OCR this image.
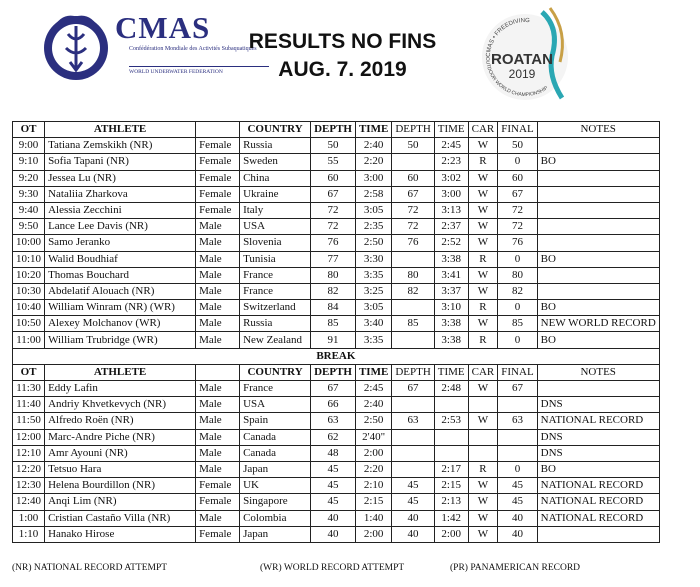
CMAS
Confédération Mondiale des Activités Subaquatiques
WORLD UNDERWATER FEDERATION
RESULTS NO FINS
AUG. 7. 2019
CMAS • FREEDIVING
OUTDOOR WORLD CHAMPIONSHIP
ROATAN
2019
OT	ATHLETE		COUNTRY	DEPTH	TIME	DEPTH	TIME	CAR	FINAL	NOTES
9:00	Tatiana Zemskikh (NR)	Female	Russia	50	2:40	50	2:45	W	50	
9:10	Sofia Tapani (NR)	Female	Sweden	55	2:20		2:23	R	0	BO
9:20	Jessea Lu (NR)	Female	China	60	3:00	60	3:02	W	60	
9:30	Nataliia Zharkova	Female	Ukraine	67	2:58	67	3:00	W	67	
9:40	Alessia Zecchini	Female	Italy	72	3:05	72	3:13	W	72	
9:50	Lance Lee Davis (NR)	Male	USA	72	2:35	72	2:37	W	72	
10:00	Samo Jeranko	Male	Slovenia	76	2:50	76	2:52	W	76	
10:10	Walid Boudhiaf	Male	Tunisia	77	3:30		3:38	R	0	BO
10:20	Thomas Bouchard	Male	France	80	3:35	80	3:41	W	80	
10:30	Abdelatif Alouach (NR)	Male	France	82	3:25	82	3:37	W	82	
10:40	William Winram (NR) (WR)	Male	Switzerland	84	3:05		3:10	R	0	BO
10:50	Alexey Molchanov (WR)	Male	Russia	85	3:40	85	3:38	W	85	NEW WORLD RECORD
11:00	William Trubridge (WR)	Male	New Zealand	91	3:35		3:38	R	0	BO
BREAK										
OT	ATHLETE		COUNTRY	DEPTH	TIME	DEPTH	TIME	CAR	FINAL	NOTES
11:30	Eddy Lafin	Male	France	67	2:45	67	2:48	W	67	
11:40	Andriy Khvetkevych (NR)	Male	USA	66	2:40					DNS
11:50	Alfredo Roën (NR)	Male	Spain	63	2:50	63	2:53	W	63	NATIONAL RECORD
12:00	Marc-Andre Piche (NR)	Male	Canada	62	2'40"					DNS
12:10	Amr Ayouni (NR)	Male	Canada	48	2:00					DNS
12:20	Tetsuo Hara	Male	Japan	45	2:20		2:17	R	0	BO
12:30	Helena Bourdillon (NR)	Female	UK	45	2:10	45	2:15	W	45	NATIONAL RECORD
12:40	Anqi Lim (NR)	Female	Singapore	45	2:15	45	2:13	W	45	NATIONAL RECORD
1:00	Cristian Castaño Villa (NR)	Male	Colombia	40	1:40	40	1:42	W	40	NATIONAL RECORD
1:10	Hanako Hirose	Female	Japan	40	2:00	40	2:00	W	40	
(NR) NATIONAL RECORD ATTEMPT	(WR) WORLD RECORD ATTEMPT	(PR) PANAMERICAN RECORD
